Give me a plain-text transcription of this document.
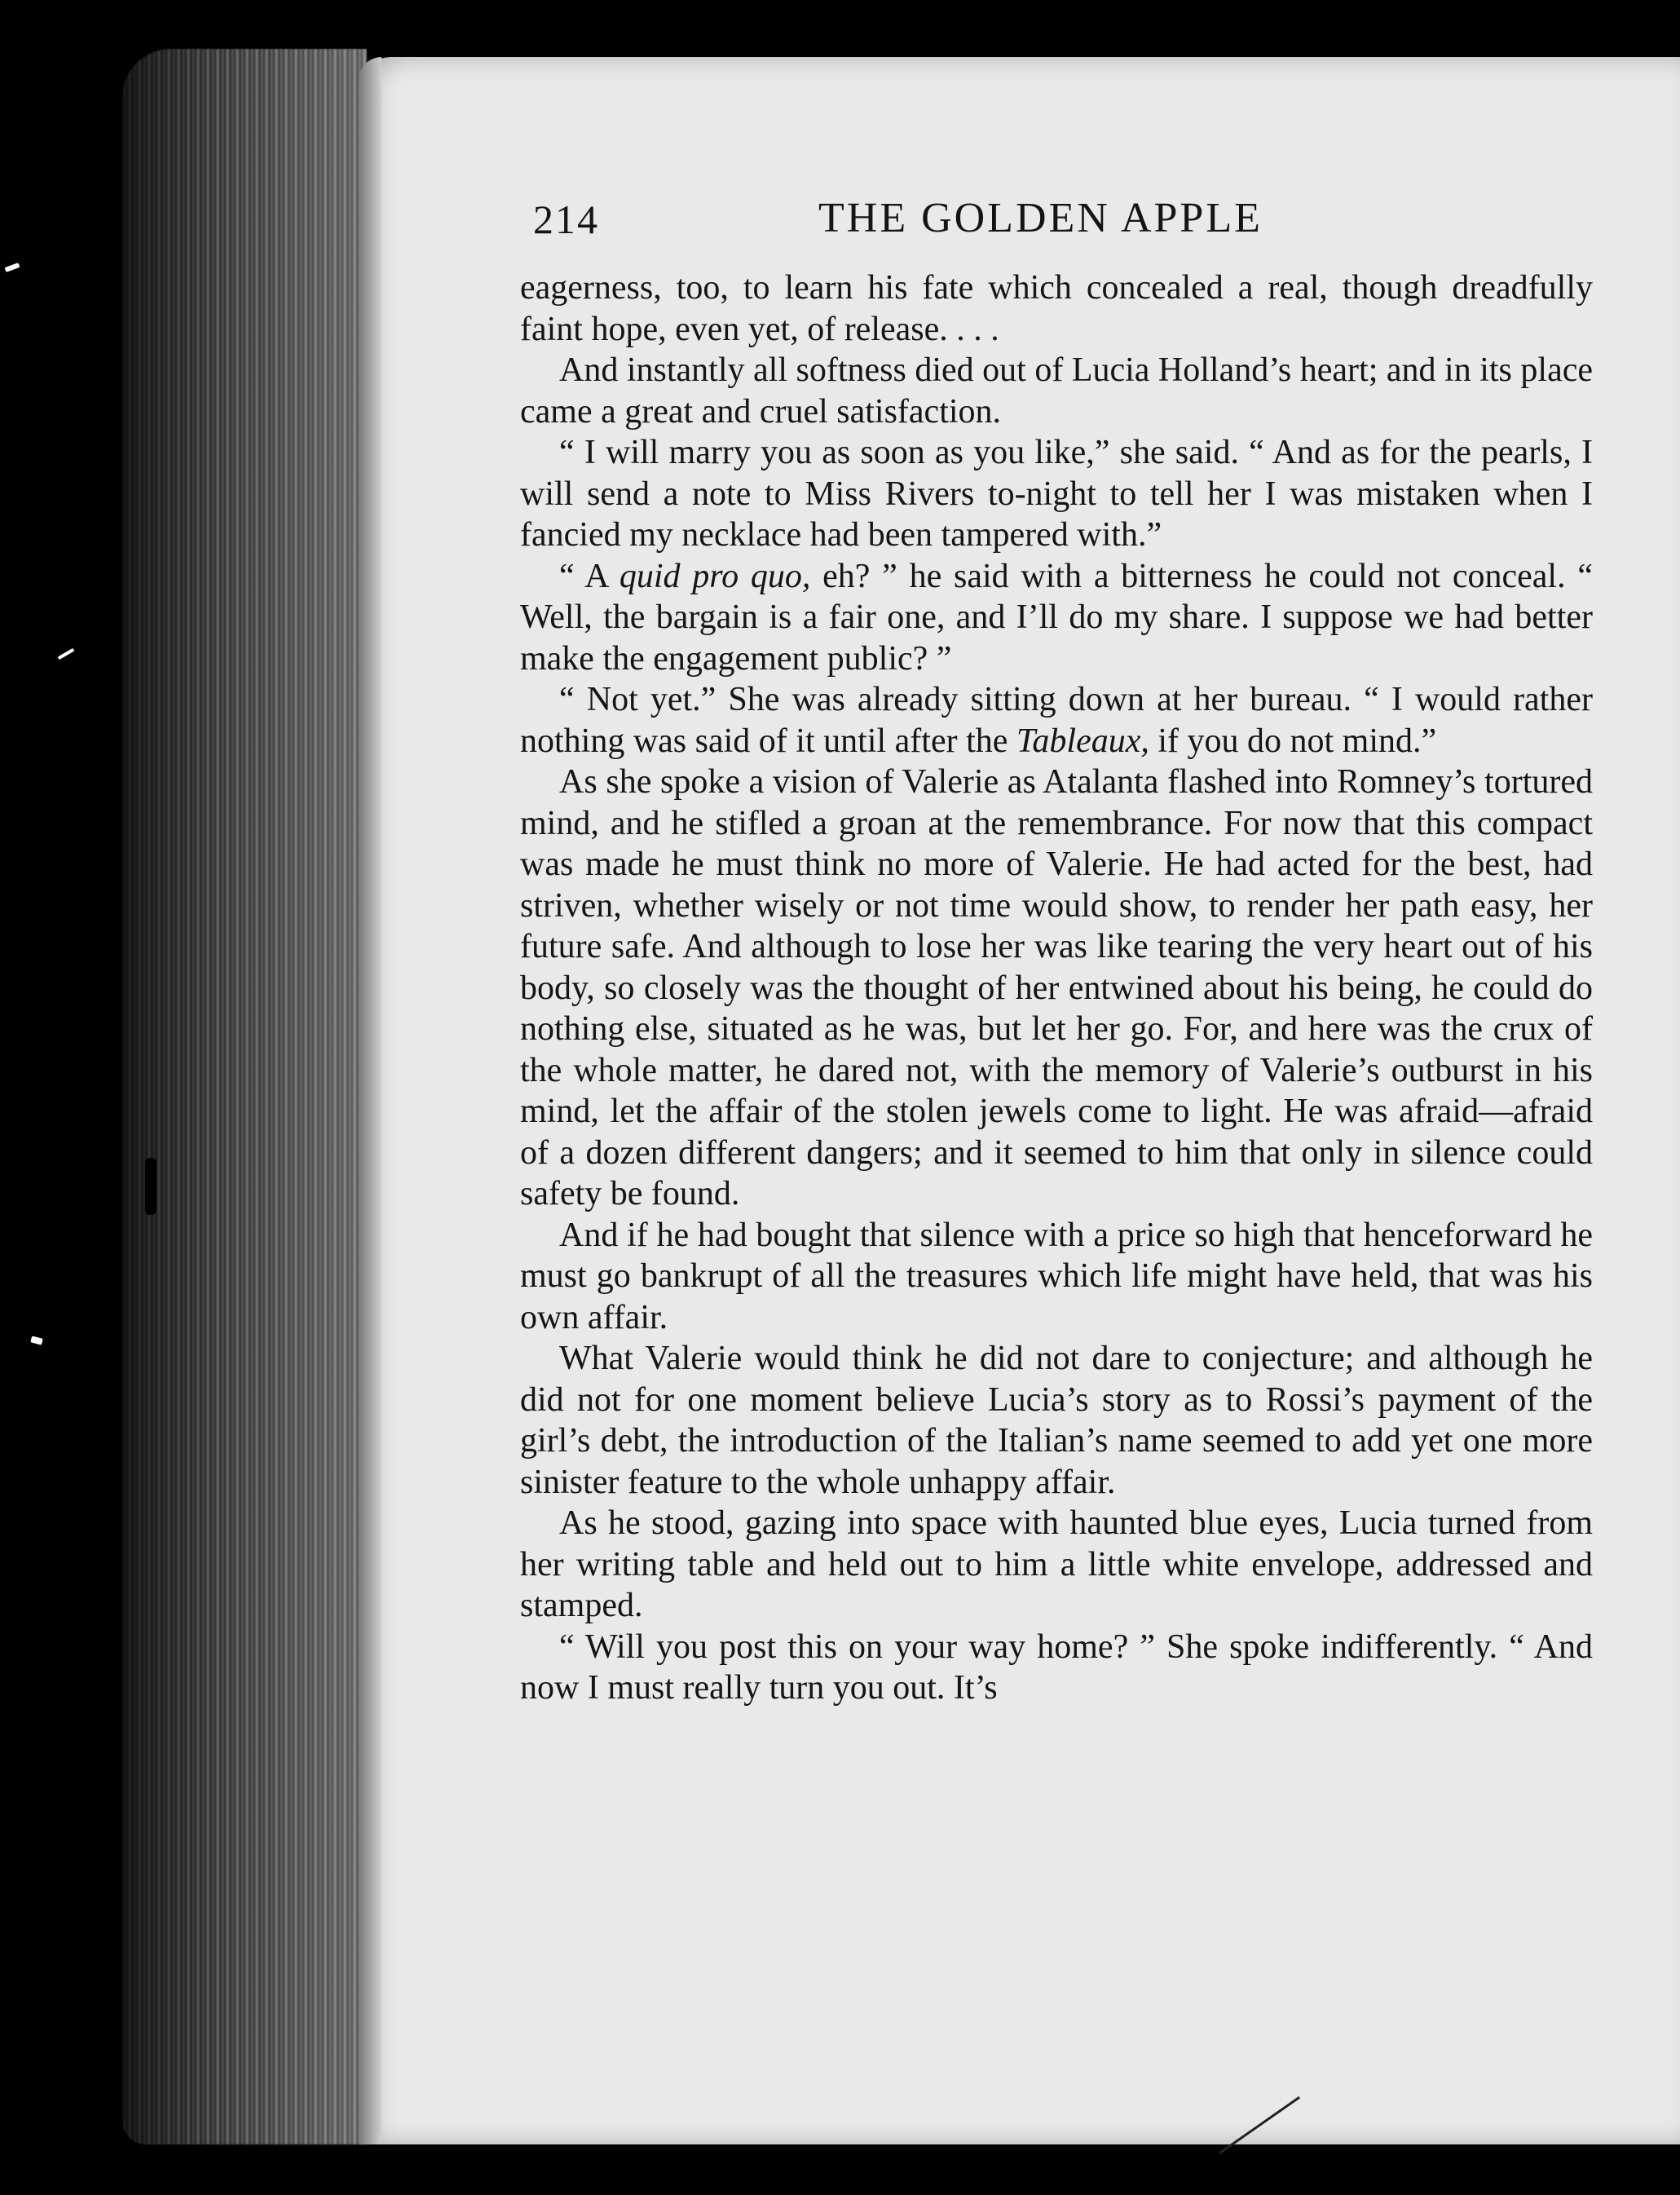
214	THE GOLDEN APPLE

eagerness, too, to learn his fate which concealed a real, though dreadfully faint hope, even yet, of release. . . .

And instantly all softness died out of Lucia Holland’s heart; and in its place came a great and cruel satisfaction.

“ I will marry you as soon as you like,” she said. “ And as for the pearls, I will send a note to Miss Rivers to-night to tell her I was mistaken when I fancied my necklace had been tampered with.”

“ A quid pro quo, eh? ” he said with a bitterness he could not conceal. “ Well, the bargain is a fair one, and I’ll do my share. I suppose we had better make the engagement public? ”

“ Not yet.” She was already sitting down at her bureau. “ I would rather nothing was said of it until after the Tableaux, if you do not mind.”

As she spoke a vision of Valerie as Atalanta flashed into Romney’s tortured mind, and he stifled a groan at the remembrance. For now that this compact was made he must think no more of Valerie. He had acted for the best, had striven, whether wisely or not time would show, to render her path easy, her future safe. And although to lose her was like tearing the very heart out of his body, so closely was the thought of her entwined about his being, he could do nothing else, situated as he was, but let her go. For, and here was the crux of the whole matter, he dared not, with the memory of Valerie’s outburst in his mind, let the affair of the stolen jewels come to light. He was afraid—afraid of a dozen different dangers; and it seemed to him that only in silence could safety be found.

And if he had bought that silence with a price so high that henceforward he must go bankrupt of all the treasures which life might have held, that was his own affair.

What Valerie would think he did not dare to conjecture; and although he did not for one moment believe Lucia’s story as to Rossi’s payment of the girl’s debt, the introduction of the Italian’s name seemed to add yet one more sinister feature to the whole unhappy affair.

As he stood, gazing into space with haunted blue eyes, Lucia turned from her writing table and held out to him a little white envelope, addressed and stamped.

“ Will you post this on your way home? ” She spoke indifferently. “ And now I must really turn you out. It’s
